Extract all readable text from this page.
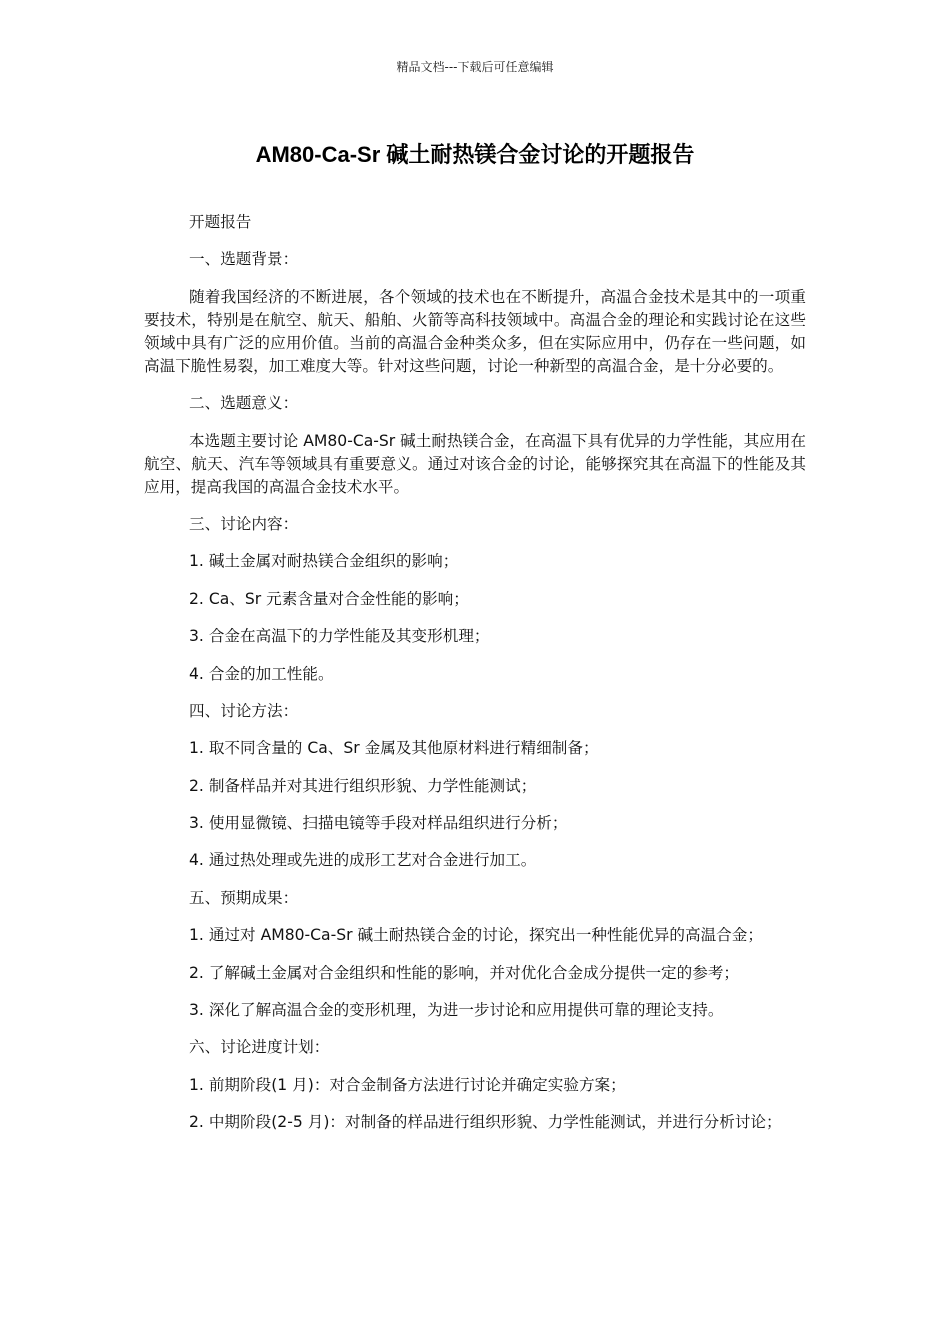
精品文档---下载后可任意编辑
AM80-Ca-Sr 碱土耐热镁合金讨论的开题报告

开题报告

一、选题背景：

随着我国经济的不断进展，各个领域的技术也在不断提升，高温合金技术是其中的一项重要技术，特别是在航空、航天、船舶、火箭等高科技领域中。高温合金的理论和实践讨论在这些领域中具有广泛的应用价值。当前的高温合金种类众多，但在实际应用中，仍存在一些问题，如高温下脆性易裂，加工难度大等。针对这些问题，讨论一种新型的高温合金，是十分必要的。

二、选题意义：

本选题主要讨论 AM80-Ca-Sr 碱土耐热镁合金，在高温下具有优异的力学性能，其应用在航空、航天、汽车等领域具有重要意义。通过对该合金的讨论，能够探究其在高温下的性能及其应用，提高我国的高温合金技术水平。

三、讨论内容：

1. 碱土金属对耐热镁合金组织的影响；

2. Ca、Sr 元素含量对合金性能的影响；

3. 合金在高温下的力学性能及其变形机理；

4. 合金的加工性能。

四、讨论方法：

1. 取不同含量的 Ca、Sr 金属及其他原材料进行精细制备；

2. 制备样品并对其进行组织形貌、力学性能测试；

3. 使用显微镜、扫描电镜等手段对样品组织进行分析；

4. 通过热处理或先进的成形工艺对合金进行加工。

五、预期成果：

1. 通过对 AM80-Ca-Sr 碱土耐热镁合金的讨论，探究出一种性能优异的高温合金；

2. 了解碱土金属对合金组织和性能的影响，并对优化合金成分提供一定的参考；

3. 深化了解高温合金的变形机理，为进一步讨论和应用提供可靠的理论支持。

六、讨论进度计划：

1. 前期阶段(1 月)：对合金制备方法进行讨论并确定实验方案；

2. 中期阶段(2-5 月)：对制备的样品进行组织形貌、力学性能测试，并进行分析讨论；
